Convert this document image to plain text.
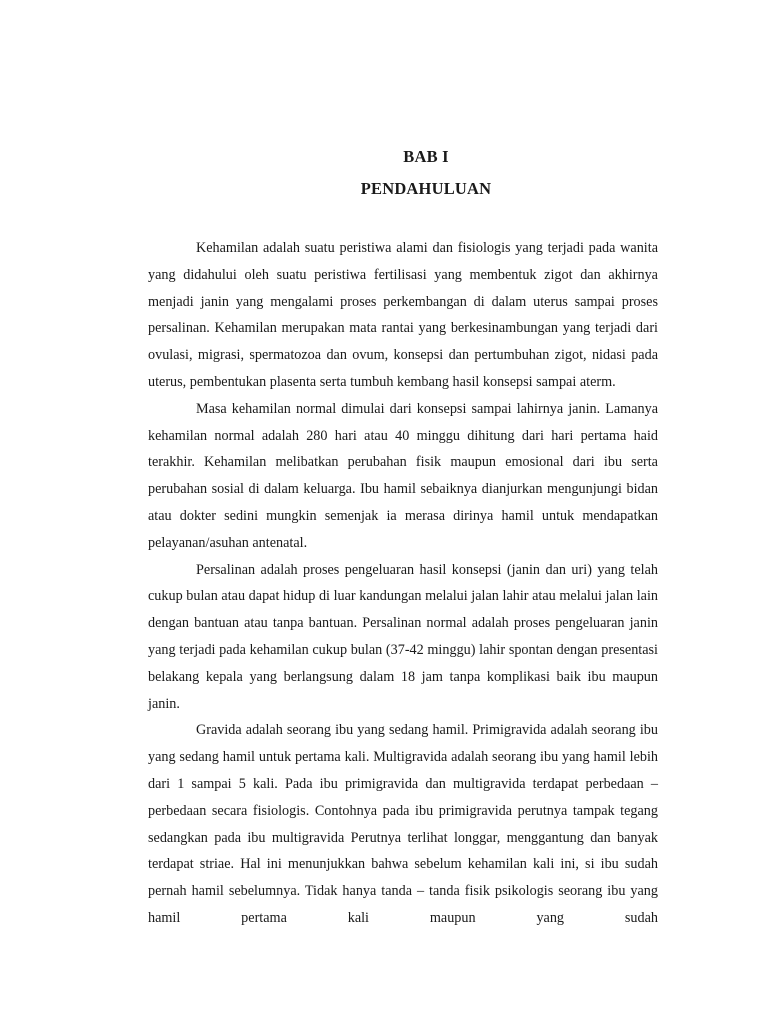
BAB I
PENDAHULUAN

Kehamilan adalah suatu peristiwa alami dan fisiologis yang terjadi pada wanita yang didahului oleh suatu peristiwa fertilisasi yang membentuk zigot dan akhirnya menjadi janin yang mengalami proses perkembangan di dalam uterus sampai proses persalinan. Kehamilan merupakan mata rantai yang berkesinambungan yang terjadi dari ovulasi, migrasi, spermatozoa dan ovum, konsepsi dan pertumbuhan zigot, nidasi pada uterus, pembentukan plasenta serta tumbuh kembang hasil konsepsi sampai aterm.

Masa kehamilan normal dimulai dari konsepsi sampai lahirnya janin. Lamanya kehamilan normal adalah 280 hari atau 40 minggu dihitung dari hari pertama haid terakhir. Kehamilan melibatkan perubahan fisik maupun emosional dari ibu serta perubahan sosial di dalam keluarga. Ibu hamil sebaiknya dianjurkan mengunjungi bidan atau dokter sedini mungkin semenjak ia merasa dirinya hamil untuk mendapatkan pelayanan/asuhan antenatal.

Persalinan adalah proses pengeluaran hasil konsepsi (janin dan uri) yang telah cukup bulan atau dapat hidup di luar kandungan melalui jalan lahir atau melalui jalan lain dengan bantuan atau tanpa bantuan. Persalinan normal adalah proses pengeluaran janin yang terjadi pada kehamilan cukup bulan (37-42 minggu) lahir spontan dengan presentasi belakang kepala yang berlangsung dalam 18 jam tanpa komplikasi baik ibu maupun janin.

Gravida adalah seorang ibu yang sedang hamil. Primigravida adalah seorang ibu yang sedang hamil untuk pertama kali. Multigravida adalah seorang ibu yang hamil lebih dari 1 sampai 5 kali. Pada ibu primigravida dan multigravida terdapat perbedaan – perbedaan secara fisiologis. Contohnya pada ibu primigravida perutnya tampak tegang sedangkan pada ibu multigravida Perutnya terlihat longgar, menggantung dan banyak terdapat striae. Hal ini menunjukkan bahwa sebelum kehamilan kali ini, si ibu sudah pernah hamil sebelumnya. Tidak hanya tanda – tanda fisik psikologis seorang ibu yang hamil pertama kali maupun yang sudah
